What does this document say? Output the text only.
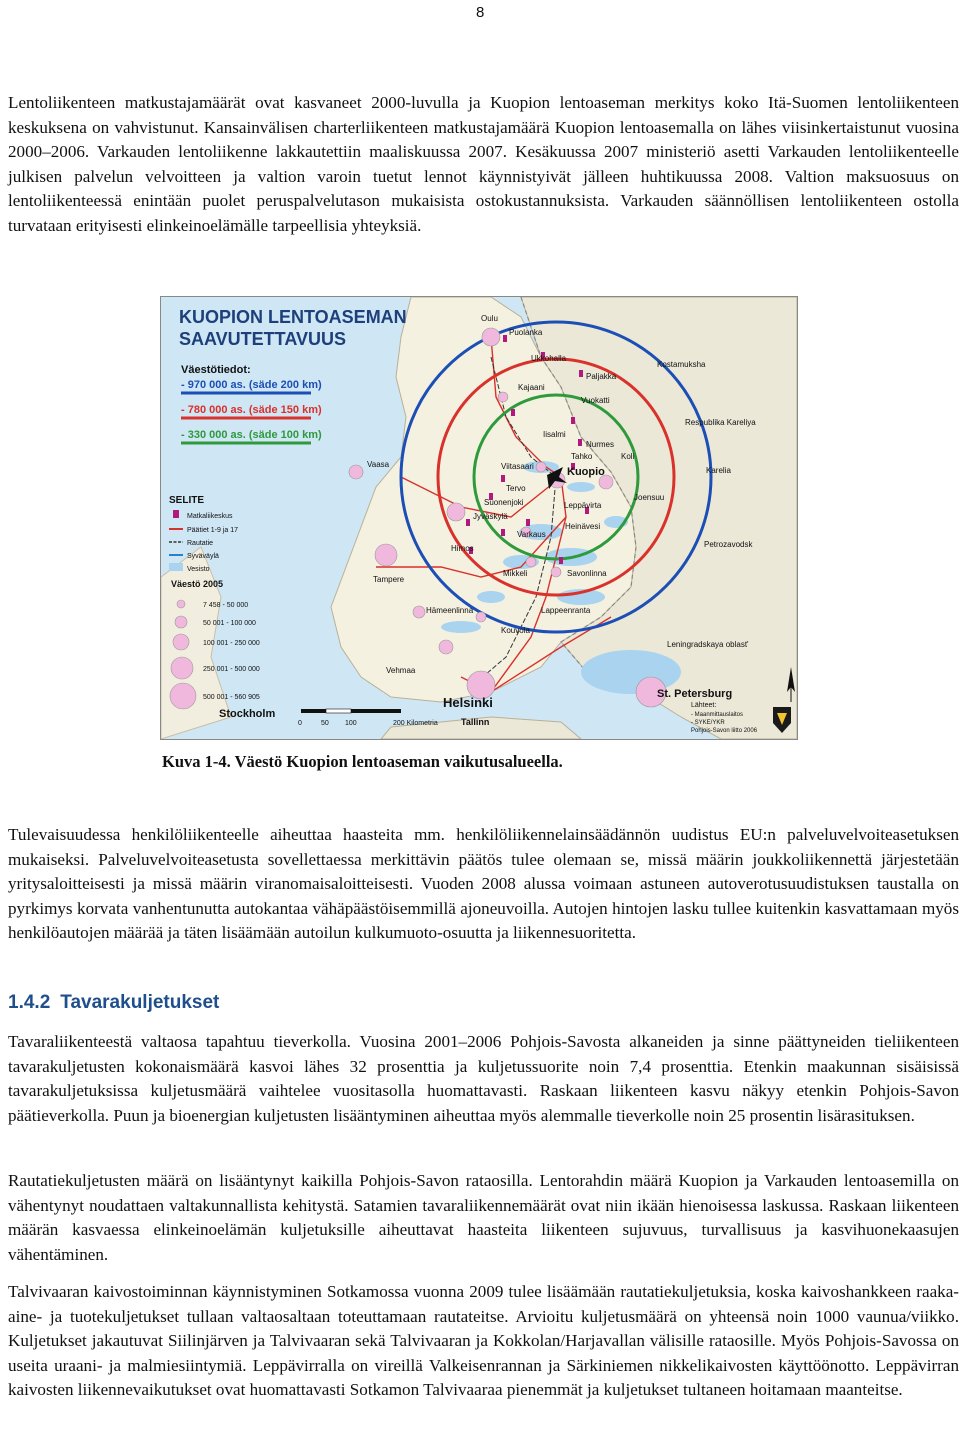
8

Lentoliikenteen matkustajamäärät ovat kasvaneet 2000-luvulla ja Kuopion lentoaseman merkitys koko Itä-Suomen lentoliikenteen keskuksena on vahvistunut. Kansainvälisen charterliikenteen matkustajamäärä Kuopion lentoasemalla on lähes viisinkertaistunut vuosina 2000–2006. Varkauden lentoliikenne lakkautettiin maaliskuussa 2007. Kesäkuussa 2007 ministeriö asetti Varkauden lentoliikenteelle julkisen palvelun velvoitteen ja valtion varoin tuetut lennot käynnistyivät jälleen huhtikuussa 2008. Valtion maksuosuus on lentoliikenteessä enintään puolet peruspalvelutason mukaisista ostokustannuksista. Varkauden säännöllisen lentoliikenteen ostolla turvataan erityisesti elinkeinoelämälle tarpeellisia yhteyksiä.

KUOPION LENTOASEMAN
SAAVUTETTAVUUS
Väestötiedot:
- 970 000 as. (säde 200 km)
- 780 000 as. (säde 150 km)
- 330 000 as. (säde 100 km)
SELITE
Matkaliikeskus
Päätiet 1-9 ja 17
Rautatie
Syväväylä
Vesisto
Väestö 2005
7 458 - 50 000
50 001 - 100 000
100 001 - 250 000
250 001 - 500 000
500 001 - 560 905
Oulu
Puolanka
Ukkohalla
Kostamuksha
Paljakka
Kajaani
Vuokatti
Respublika Kareliya
Iisalmi
Nurmes
Vaasa
Tahko	Koli
Karelia
Viitasaari	Kuopio
Tervo
Suonenjoki
Joensuu
Leppävirta
Jyväskylä
Heinävesi
Varkaus
Himos	Petrozavodsk
Tampere
Mikkeli	Savonlinna
Hämeenlinna	Lappeenranta
Kouvola
Leningradskaya oblast'
St. Petersburg
Helsinki
Stockholm
Tallinn
Vehmaa
0	50 100	200 Kilometria
Lähteet:
- Maanmittauslaitos
- SYKE/YKR
Pohjois-Savon liitto 2006

Kuva 1-4. Väestö Kuopion lentoaseman vaikutusalueella.

Tulevaisuudessa henkilöliikenteelle aiheuttaa haasteita mm. henkilöliikennelainsäädännön uudistus EU:n palveluvelvoiteasetuksen mukaiseksi. Palveluvelvoiteasetusta sovellettaessa merkittävin päätös tulee olemaan se, missä määrin joukkoliikennettä järjestetään yritysaloitteisesti ja missä määrin viranomaisaloitteisesti. Vuoden 2008 alussa voimaan astuneen autoverotusuudistuksen taustalla on pyrkimys korvata vanhentunutta autokantaa vähäpäästöisemmillä ajoneuvoilla. Autojen hintojen lasku tullee kuitenkin kasvattamaan myös henkilöautojen määrää ja täten lisäämään autoilun kulkumuoto-osuutta ja liikennesuoritetta.

1.4.2 Tavarakuljetukset

Tavaraliikenteestä valtaosa tapahtuu tieverkolla. Vuosina 2001–2006 Pohjois-Savosta alkaneiden ja sinne päättyneiden tieliikenteen tavarakuljetusten kokonaismäärä kasvoi lähes 32 prosenttia ja kuljetussuorite noin 7,4 prosenttia. Etenkin maakunnan sisäisissä tavarakuljetuksissa kuljetusmäärä vaihtelee vuositasolla huomattavasti. Raskaan liikenteen kasvu näkyy etenkin Pohjois-Savon päätieverkolla. Puun ja bioenergian kuljetusten lisääntyminen aiheuttaa myös alemmalle tieverkolle noin 25 prosentin lisärasituksen.

Rautatiekuljetusten määrä on lisääntynyt kaikilla Pohjois-Savon rataosilla. Lentorahdin määrä Kuopion ja Varkauden lentoasemilla on vähentynyt noudattaen valtakunnallista kehitystä. Satamien tavaraliikennemäärät ovat niin ikään hienoisessa laskussa. Raskaan liikenteen määrän kasvaessa elinkeinoelämän kuljetuksille aiheuttavat haasteita liikenteen sujuvuus, turvallisuus ja kasvihuonekaasujen vähentäminen.

Talvivaaran kaivostoiminnan käynnistyminen Sotkamossa vuonna 2009 tulee lisäämään rautatiekuljetuksia, koska kaivoshankkeen raaka-aine- ja tuotekuljetukset tullaan valtaosaltaan toteuttamaan rautateitse. Arvioitu kuljetusmäärä on yhteensä noin 1000 vaunua/viikko. Kuljetukset jakautuvat Siilinjärven ja Talvivaaran sekä Talvivaaran ja Kokkolan/Harjavallan välisille rataosille. Myös Pohjois-Savossa on useita uraani- ja malmiesiintymiä. Leppävirralla on vireillä Valkeisenrannan ja Särkiniemen nikkelikaivosten käyttöönotto. Leppävirran kaivosten liikennevaikutukset ovat huomattavasti Sotkamon Talvivaaraa pienemmät ja kuljetukset tultaneen hoitamaan maanteitse.
